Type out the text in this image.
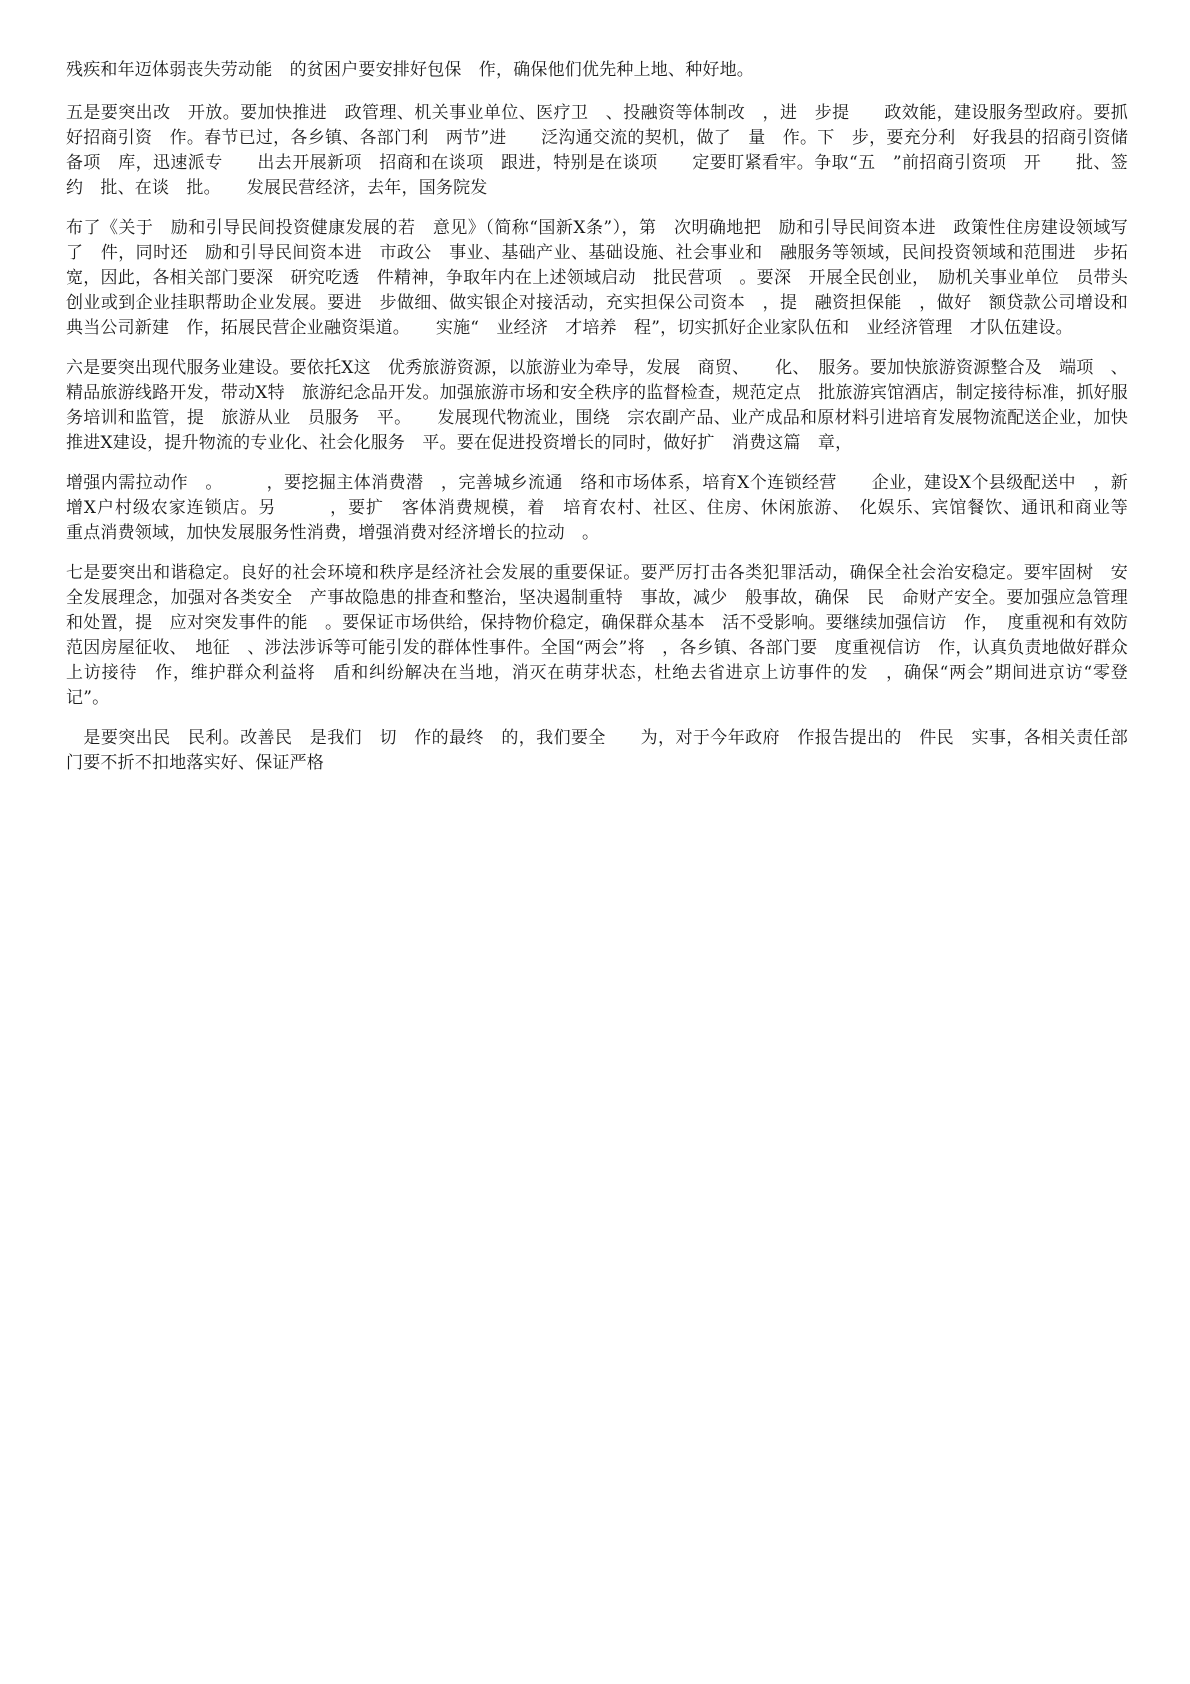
残疾和年迈体弱丧失劳动能　的贫困户要安排好包保　作，确保他们优先种上地、种好地。

五是要突出改　开放。要加快推进　政管理、机关事业单位、医疗卫　、投融资等体制改　，进　步提　　政效能，建设服务型政府。要抓好招商引资　作。春节已过，各乡镇、各部门利　两节”进　　泛沟通交流的契机，做了　量　作。下　步，要充分利　好我县的招商引资储备项　库，迅速派专　　出去开展新项　招商和在谈项　跟进，特别是在谈项　　定要盯紧看牢。争取“五　”前招商引资项　开　　批、签约　批、在谈　批。　　发展民营经济，去年，国务院发

布了《关于　励和引导民间投资健康发展的若　意见》（简称“国新X条”），第　次明确地把　励和引导民间资本进　政策性住房建设领域写　了　件，同时还　励和引导民间资本进　市政公　事业、基础产业、基础设施、社会事业和　融服务等领域，民间投资领域和范围进　步拓宽，因此，各相关部门要深　研究吃透　件精神，争取年内在上述领域启动　批民营项　。要深　开展全民创业，　励机关事业单位　员带头创业或到企业挂职帮助企业发展。要进　步做细、做实银企对接活动，充实担保公司资本　，提　融资担保能　，做好　额贷款公司增设和典当公司新建　作，拓展民营企业融资渠道。　　实施“　业经济　才培养　程”，切实抓好企业家队伍和　业经济管理　才队伍建设。

六是要突出现代服务业建设。要依托X这　优秀旅游资源，以旅游业为牵导，发展　商贸、　　化、　服务。要加快旅游资源整合及　端项　、精品旅游线路开发，带动X特　旅游纪念品开发。加强旅游市场和安全秩序的监督检查，规范定点　批旅游宾馆酒店，制定接待标准，抓好服务培训和监管，提　旅游从业　员服务　平。　　发展现代物流业，围绕　宗农副产品、业产成品和原材料引进培育发展物流配送企业，加快推进X建设，提升物流的专业化、社会化服务　平。要在促进投资增长的同时，做好扩　消费这篇　章，

增强内需拉动作　。　　　，要挖掘主体消费潜　，完善城乡流通　络和市场体系，培育X个连锁经营　　企业，建设X个县级配送中　，新增X户村级农家连锁店。另　　　，要扩　客体消费规模，着　培育农村、社区、住房、休闲旅游、　化娱乐、宾馆餐饮、通讯和商业等　　重点消费领域，加快发展服务性消费，增强消费对经济增长的拉动　。

七是要突出和谐稳定。良好的社会环境和秩序是经济社会发展的重要保证。要严厉打击各类犯罪活动，确保全社会治安稳定。要牢固树　安全发展理念，加强对各类安全　产事故隐患的排查和整治，坚决遏制重特　事故，减少　般事故，确保　民　命财产安全。要加强应急管理和处置，提　应对突发事件的能　。要保证市场供给，保持物价稳定，确保群众基本　活不受影响。要继续加强信访　作，　度重视和有效防范因房屋征收、　地征　、涉法涉诉等可能引发的群体性事件。全国“两会”将　，各乡镇、各部门要　度重视信访　作，认真负责地做好群众上访接待　作，维护群众利益将　盾和纠纷解决在当地，消灭在萌芽状态，杜绝去省进京上访事件的发　，确保“两会”期间进京访“零登记”。

　是要突出民　民利。改善民　是我们　切　作的最终　的，我们要全　　为，对于今年政府　作报告提出的　件民　实事，各相关责任部门要不折不扣地落实好、保证严格
